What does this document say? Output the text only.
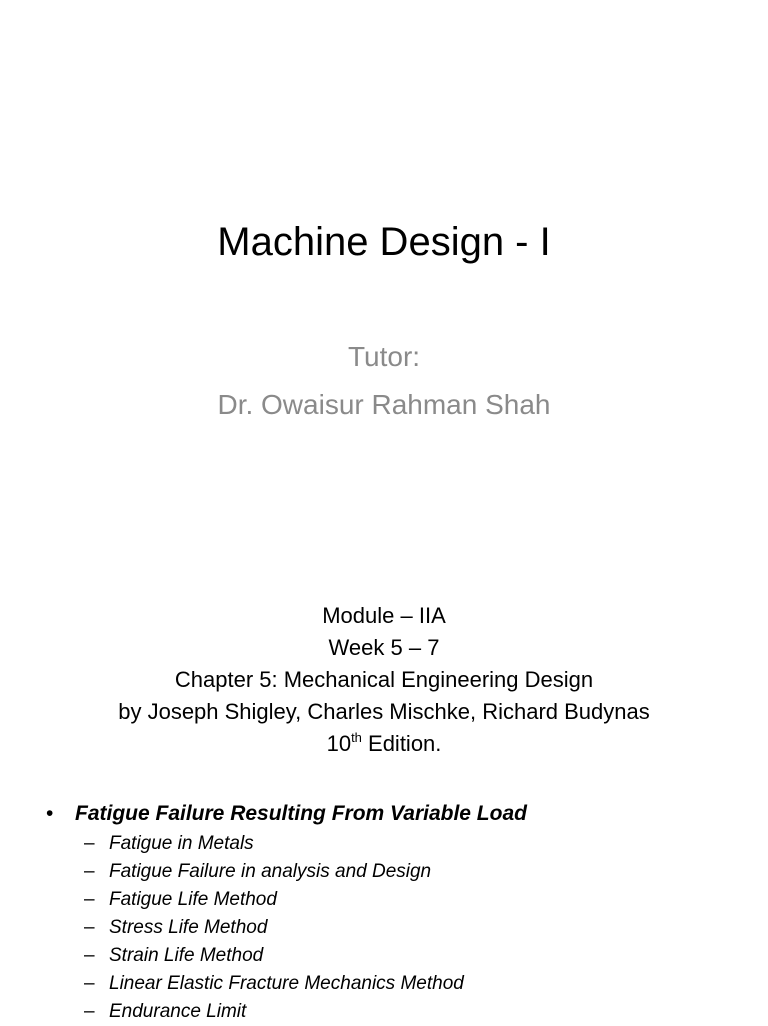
Machine Design - I
Tutor:
Dr. Owaisur Rahman Shah
Module – IIA
Week 5 – 7
Chapter 5: Mechanical Engineering Design
by Joseph Shigley, Charles Mischke, Richard Budynas
10th Edition.
•	Fatigue Failure Resulting From Variable Load
– Fatigue in Metals
– Fatigue Failure in analysis and Design
– Fatigue Life Method
– Stress Life Method
– Strain Life Method
– Linear Elastic Fracture Mechanics Method
– Endurance Limit
